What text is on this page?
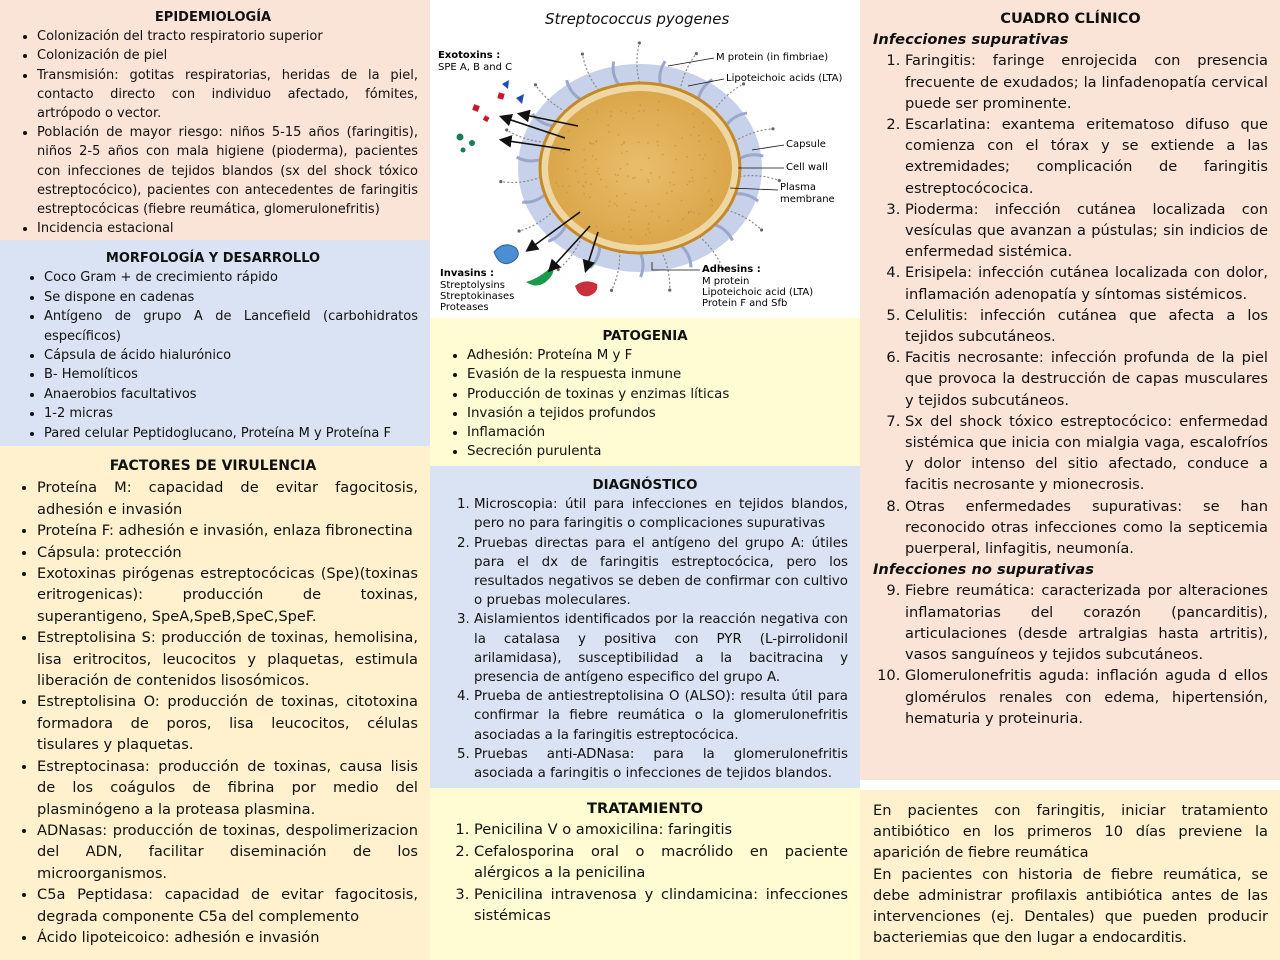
EPIDEMIOLOGÍA
• Colonización del tracto respiratorio superior
• Colonización de piel
• Transmisión: gotitas respiratorias, heridas de la piel, contacto directo con individuo afectado, fómites, artrópodo o vector.
• Población de mayor riesgo: niños 5-15 años (faringitis), niños 2-5 años con mala higiene (pioderma), pacientes con infecciones de tejidos blandos (sx del shock tóxico estreptocócico), pacientes con antecedentes de faringitis estreptocócicas (fiebre reumática, glomerulonefritis)
• Incidencia estacional
MORFOLOGÍA Y DESARROLLO
• Coco Gram + de crecimiento rápido
• Se dispone en cadenas
• Antígeno de grupo A de Lancefield (carbohidratos específicos)
• Cápsula de ácido hialurónico
• B- Hemolíticos
• Anaerobios facultativos
• 1-2 micras
• Pared celular Peptidoglucano, Proteína M y Proteína F
FACTORES DE VIRULENCIA
• Proteína M: capacidad de evitar fagocitosis, adhesión e invasión
• Proteína F: adhesión e invasión, enlaza fibronectina
• Cápsula: protección
• Exotoxinas pirógenas estreptocócicas (Spe)(toxinas eritrogenicas): producción de toxinas, superantigeno, SpeA,SpeB,SpeC,SpeF.
• Estreptolisina S: producción de toxinas, hemolisina, lisa eritrocitos, leucocitos y plaquetas, estimula liberación de contenidos lisosómicos.
• Estreptolisina O: producción de toxinas, citotoxina formadora de poros, lisa leucocitos, células tisulares y plaquetas.
• Estreptocinasa: producción de toxinas, causa lisis de los coágulos de fibrina por medio del plasminógeno a la proteasa plasmina.
• ADNasas: producción de toxinas, despolimerizacion del ADN, facilitar diseminación de los microorganismos.
• C5a Peptidasa: capacidad de evitar fagocitosis, degrada componente C5a del complemento
• Ácido lipoteicoico: adhesión e invasión
Streptococcus pyogenes
Exotoxins :
SPE A, B and C
Invasins :
Streptolysins
Streptokinases
Proteases
M protein (in fimbriae)
Lipoteichoic acids (LTA)
Capsule
Cell wall
Plasma
membrane
Adhesins :
M protein
Lipoteichoic acid (LTA)
Protein F and Sfb
PATOGENIA
• Adhesión: Proteína M y F
• Evasión de la respuesta inmune
• Producción de toxinas y enzimas líticas
• Invasión a tejidos profundos
• Inflamación
• Secreción purulenta
DIAGNÓSTICO
1. Microscopia: útil para infecciones en tejidos blandos, pero no para faringitis o complicaciones supurativas
2. Pruebas directas para el antígeno del grupo A: útiles para el dx de faringitis estreptocócica, pero los resultados negativos se deben de confirmar con cultivo o pruebas moleculares.
3. Aislamientos identificados por la reacción negativa con la catalasa y positiva con PYR (L-pirrolidonil arilamidasa), susceptibilidad a la bacitracina y presencia de antígeno especifico del grupo A.
4. Prueba de antiestreptolisina O (ALSO): resulta útil para confirmar la fiebre reumática o la glomerulonefritis asociadas a la faringitis estreptocócica.
5. Pruebas anti-ADNasa: para la glomerulonefritis asociada a faringitis o infecciones de tejidos blandos.
TRATAMIENTO
1. Penicilina V o amoxicilina: faringitis
2. Cefalosporina oral o macrólido en paciente alérgicos a la penicilina
3. Penicilina intravenosa y clindamicina: infecciones sistémicas
CUADRO CLÍNICO
Infecciones supurativas
1. Faringitis: faringe enrojecida con presencia frecuente de exudados; la linfadenopatía cervical puede ser prominente.
2. Escarlatina: exantema eritematoso difuso que comienza con el tórax y se extiende a las extremidades; complicación de faringitis estreptocócocica.
3. Pioderma: infección cutánea localizada con vesículas que avanzan a pústulas; sin indicios de enfermedad sistémica.
4. Erisipela: infección cutánea localizada con dolor, inflamación adenopatía y síntomas sistémicos.
5. Celulitis: infección cutánea que afecta a los tejidos subcutáneos.
6. Facitis necrosante: infección profunda de la piel que provoca la destrucción de capas musculares y tejidos subcutáneos.
7. Sx del shock tóxico estreptocócico: enfermedad sistémica que inicia con mialgia vaga, escalofríos y dolor intenso del sitio afectado, conduce a facitis necrosante y mionecrosis.
8. Otras enfermedades supurativas: se han reconocido otras infecciones como la septicemia puerperal, linfagitis, neumonía.
Infecciones no supurativas
9. Fiebre reumática: caracterizada por alteraciones inflamatorias del corazón (pancarditis), articulaciones (desde artralgias hasta artritis), vasos sanguíneos y tejidos subcutáneos.
10. Glomerulonefritis aguda: inflación aguda d ellos glomérulos renales con edema, hipertensión, hematuria y proteinuria.

En pacientes con faringitis, iniciar tratamiento antibiótico en los primeros 10 días previene la aparición de fiebre reumática

En pacientes con historia de fiebre reumática, se debe administrar profilaxis antibiótica antes de las intervenciones (ej. Dentales) que pueden producir bacteriemias que den lugar a endocarditis.
